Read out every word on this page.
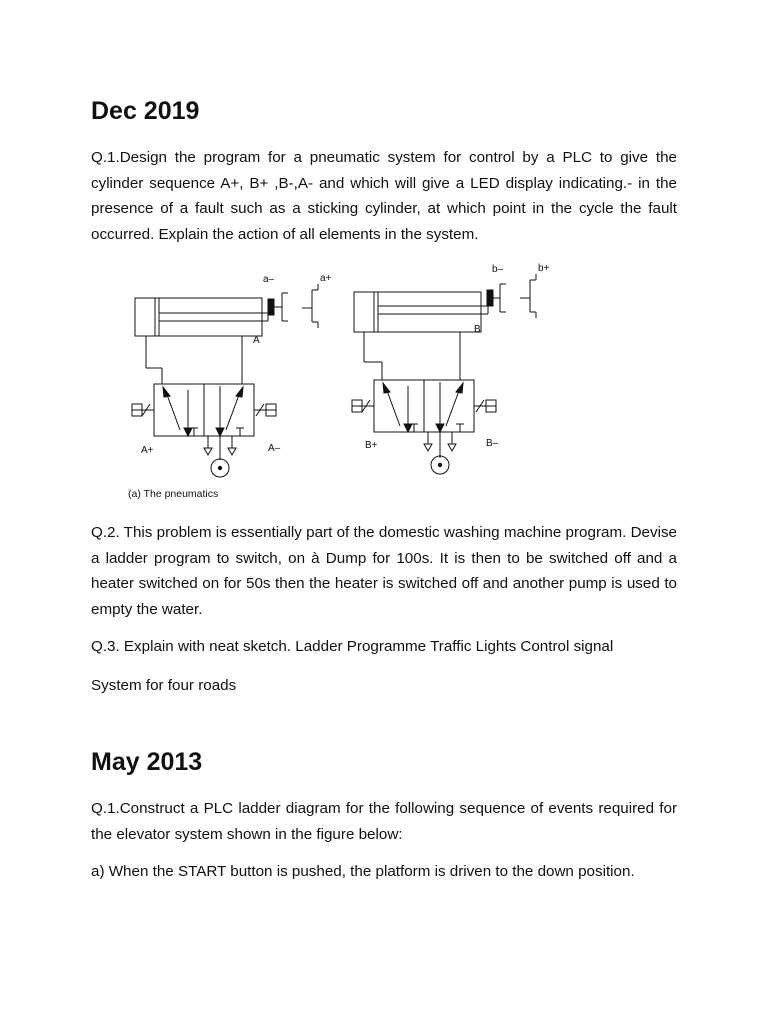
Dec 2019

Q.1.Design the program for a pneumatic system for control by a PLC to give the cylinder sequence A+, B+ ,B-,A- and which will give a LED display indicating.- in the presence of a fault such as a sticking cylinder, at which point in the cycle the fault occurred. Explain the action of all elements in the system.

a–	a+
A
A+	A–
b–
B
B+
(a) The pneumatics
b+
B–

Q.2. This problem is essentially part of the domestic washing machine program. Devise a ladder program to switch, on à Dump for 100s. It is then to be switched off and a heater switched on for 50s then the heater is switched off and another pump is used to empty the water.

Q.3. Explain with neat sketch. Ladder Programme Traffic Lights Control signal

System for four roads

May 2013

Q.1.Construct a PLC ladder diagram for the following sequence of events required for the elevator system shown in the figure below:

a) When the START button is pushed, the platform is driven to the down position.
